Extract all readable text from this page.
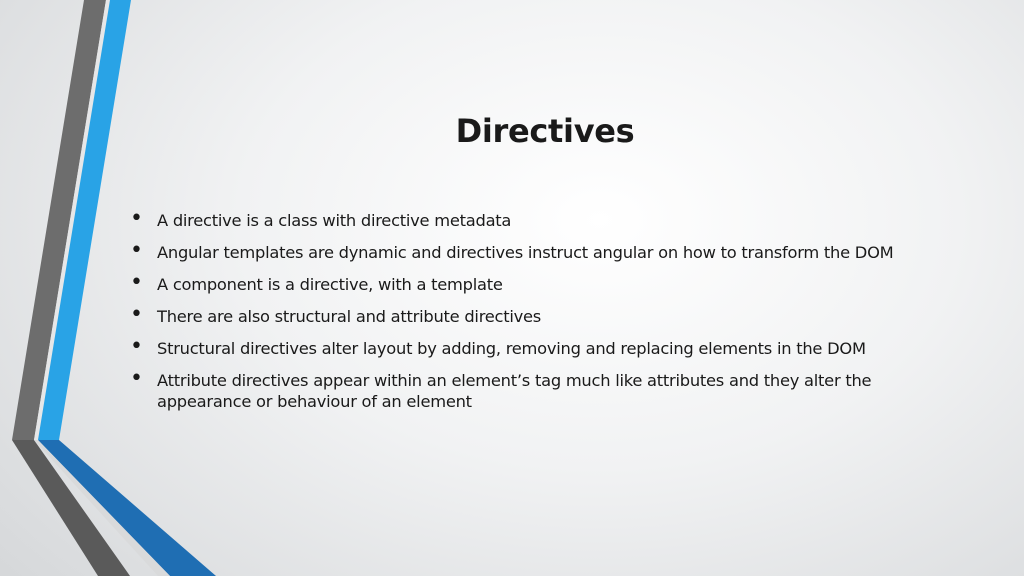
Directives
• A directive is a class with directive metadata
• Angular templates are dynamic and directives instruct angular on how to transform the DOM
• A component is a directive, with a template
• There are also structural and attribute directives
• Structural directives alter layout by adding, removing and replacing elements in the DOM
• Attribute directives appear within an element’s tag much like attributes and they alter the appearance or behaviour of an element
